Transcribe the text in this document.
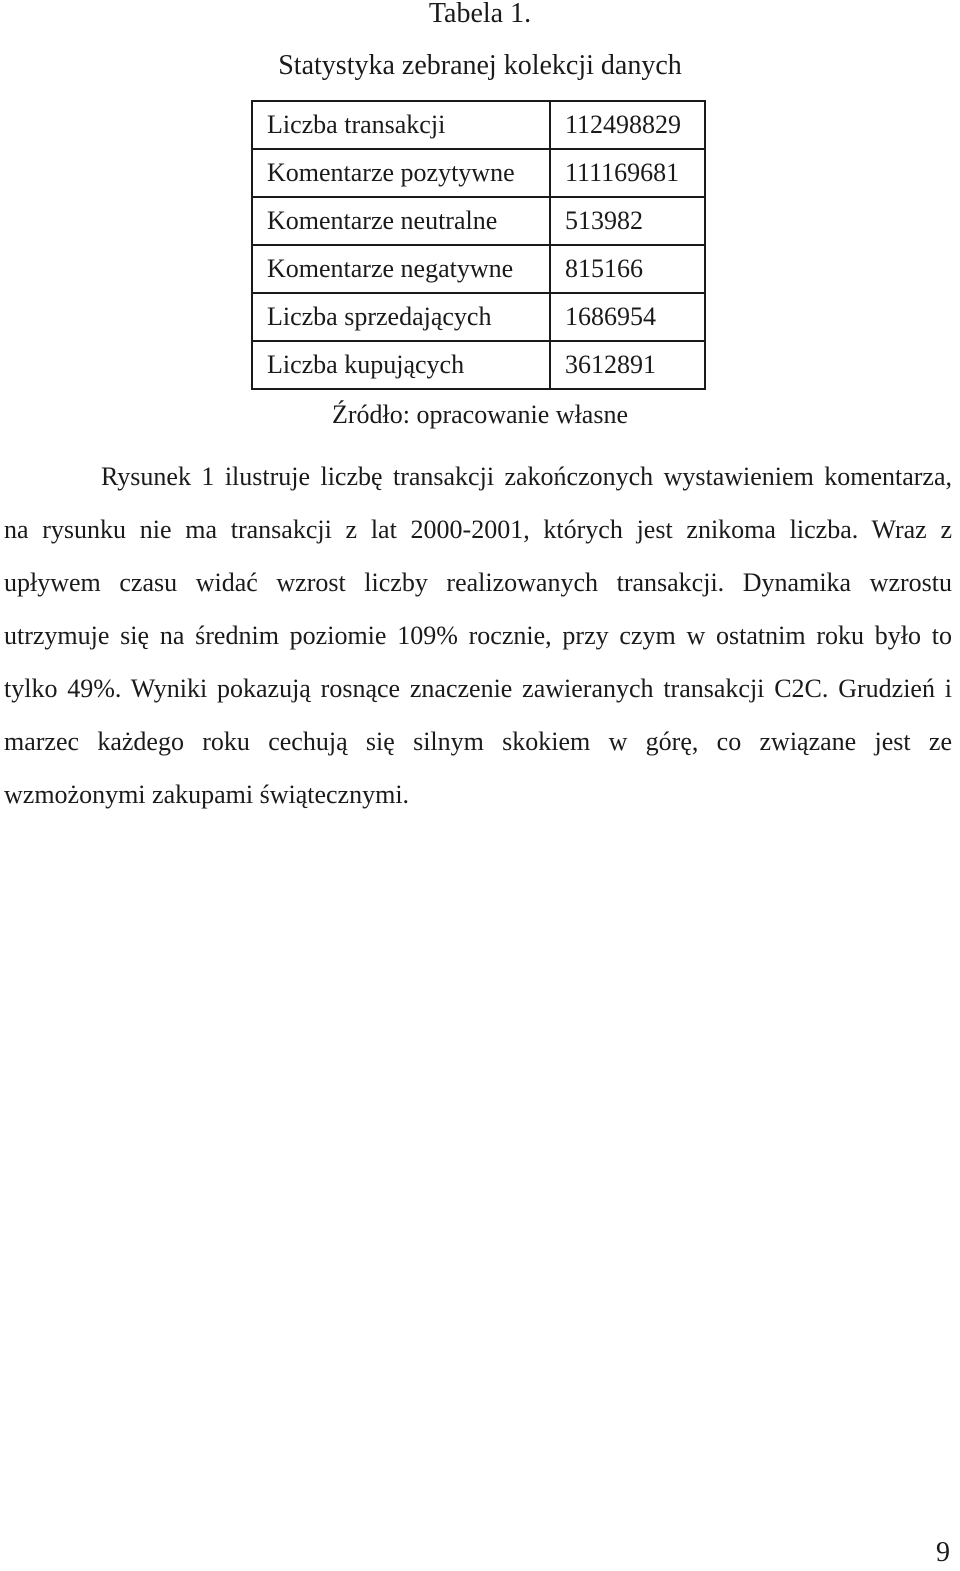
Tabela 1.
Statystyka zebranej kolekcji danych
Liczba transakcji	112498829
Komentarze pozytywne	111169681
Komentarze neutralne	513982
Komentarze negatywne	815166
Liczba sprzedających	1686954
Liczba kupujących	3612891
Źródło: opracowanie własne

Rysunek 1 ilustruje liczbę transakcji zakończonych wystawieniem komentarza, na rysunku nie ma transakcji z lat 2000-2001, których jest znikoma liczba. Wraz z upływem czasu widać wzrost liczby realizowanych transakcji. Dynamika wzrostu utrzymuje się na średnim poziomie 109% rocznie, przy czym w ostatnim roku było to tylko 49%. Wyniki pokazują rosnące znaczenie zawieranych transakcji C2C. Grudzień i marzec każdego roku cechują się silnym skokiem w górę, co związane jest ze wzmożonymi zakupami świątecznymi.

9
